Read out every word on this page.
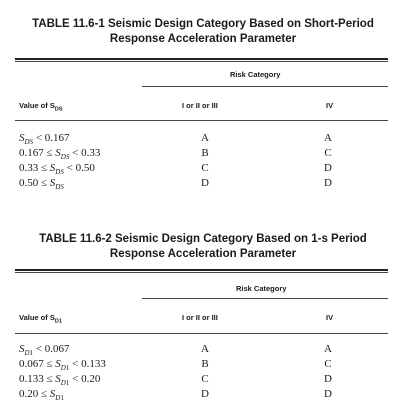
TABLE 11.6-1 Seismic Design Category Based on Short-Period
Response Acceleration Parameter
Risk Category
Value of $S_{DS}$	I or II or III	IV
$S_{DS} < 0.167$	A	A
$0.167 \le S_{DS} < 0.33$	B	C
$0.33 \le S_{DS} < 0.50$	C	D
$0.50 \le S_{DS}$	D	D
TABLE 11.6-2 Seismic Design Category Based on 1-s Period
Response Acceleration Parameter
Risk Category
Value of $S_{D1}$	I or II or III	IV
$S_{D1} < 0.067$	A	A
$0.067 \le S_{D1} < 0.133$	B	C
$0.133 \le S_{D1} < 0.20$	C	D
$0.20 \le S_{D1}$	D	D
